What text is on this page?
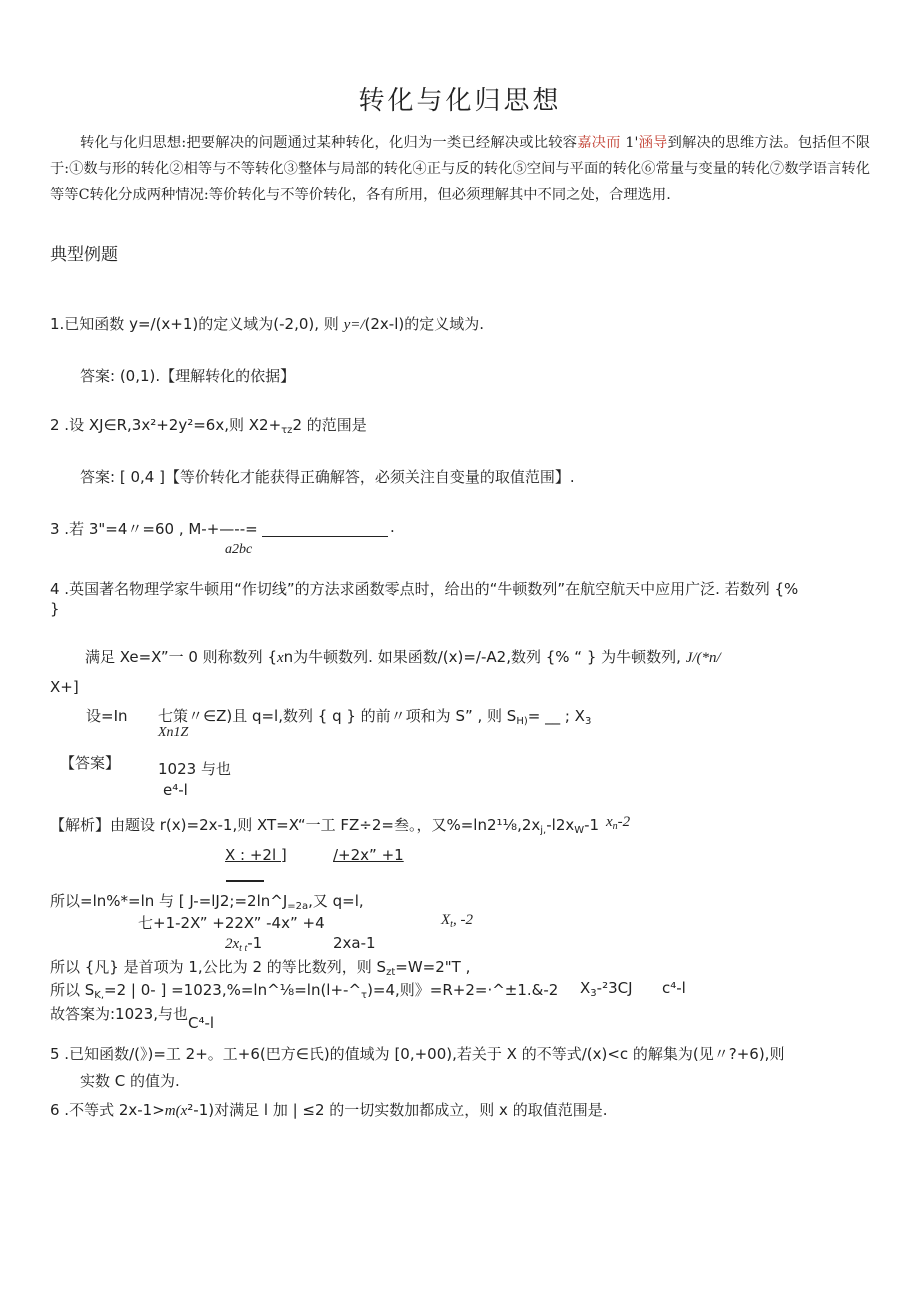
转化与化归思想
转化与化归思想:把要解决的问题通过某种转化，化归为一类已经解决或比较容嘉决而 1'涵导到解决的思维方法。包括但不限于:①数与形的转化②相等与不等转化③整体与局部的转化④正与反的转化⑤空间与平面的转化⑥常量与变量的转化⑦数学语言转化等等C转化分成两种情况:等价转化与不等价转化，各有所用，但必须理解其中不同之处，合理选用.
典型例题
1.已知函数 y=/(x+1)的定义域为(-2,0), 则 y=/(2x-l)的定义域为.
答案: (0,1).【理解转化的依据】
2 .设 XJ∈R,3x²+2y²=6x,则 $X2+_{\tau z}2$ 的范围是
答案: [ 0,4 ]【等价转化才能获得正确解答，必须关注自变量的取值范围】.
3 .若 3"=4〃=60 , M-+—--=	.
a2bc
4 .英国著名物理学家牛顿用“作切线”的方法求函数零点时，给出的“牛顿数列”在航空航天中应用广泛. 若数列 {%
}
满足 Xe=X”一 0 则称数列 {xn为牛顿数列. 如果函数/(x)=/-A2,数列 {% “ } 为牛顿数列, J/(*n/
X+]
设=In 七策〃∈Z)且 q=l,数列 { q } 的前〃项和为 S” , 则 $S_{H)}=$ __ ; $X_3$
Xn1Z
【答案】	1023 与也
e⁴-l
【解析】由题设 r(x)=2x-1,则 XT=X“一工 FZ÷2=叁。，又$\%=\ln 2^1\frac{1}{8},2x_{j,}-l2x_W-1$ $x_n-2$
X : +2l ]	/+2x” +1
所以=ln%*=ln 与 [ $J-=lJ2;=2\ln\^{}J_{=2a}$,又 q=l,
七+1-2X” +22X” -4x” +4	$X_t$, -2
$2x_{t t}-1$	2xa-1
所以 {凡} 是首项为 1,公比为 2 的等比数列，则 $S_{zt}=W=2"T$ ,
所以 $S_{K,}=2$ | 0- ] $=1023,\%=\ln\^{}\frac{1}{8}=\ln(l+-\^{}_\tau)=4$,则》=R+2=·^±1.&-2 $X_3-^23CJ$ c⁴-l
故答案为:1023,与也 C⁴-l
5 .已知函数/(》)=工 2+。工+6(巴方∈氏)的值域为 [0,+00),若关于 X 的不等式/(x)<c 的解集为(见〃?+6),则
实数 C 的值为.
6 .不等式 2x-1>m(x²-1)对满足 l 加 | ≤2 的一切实数加都成立，则 x 的取值范围是.
